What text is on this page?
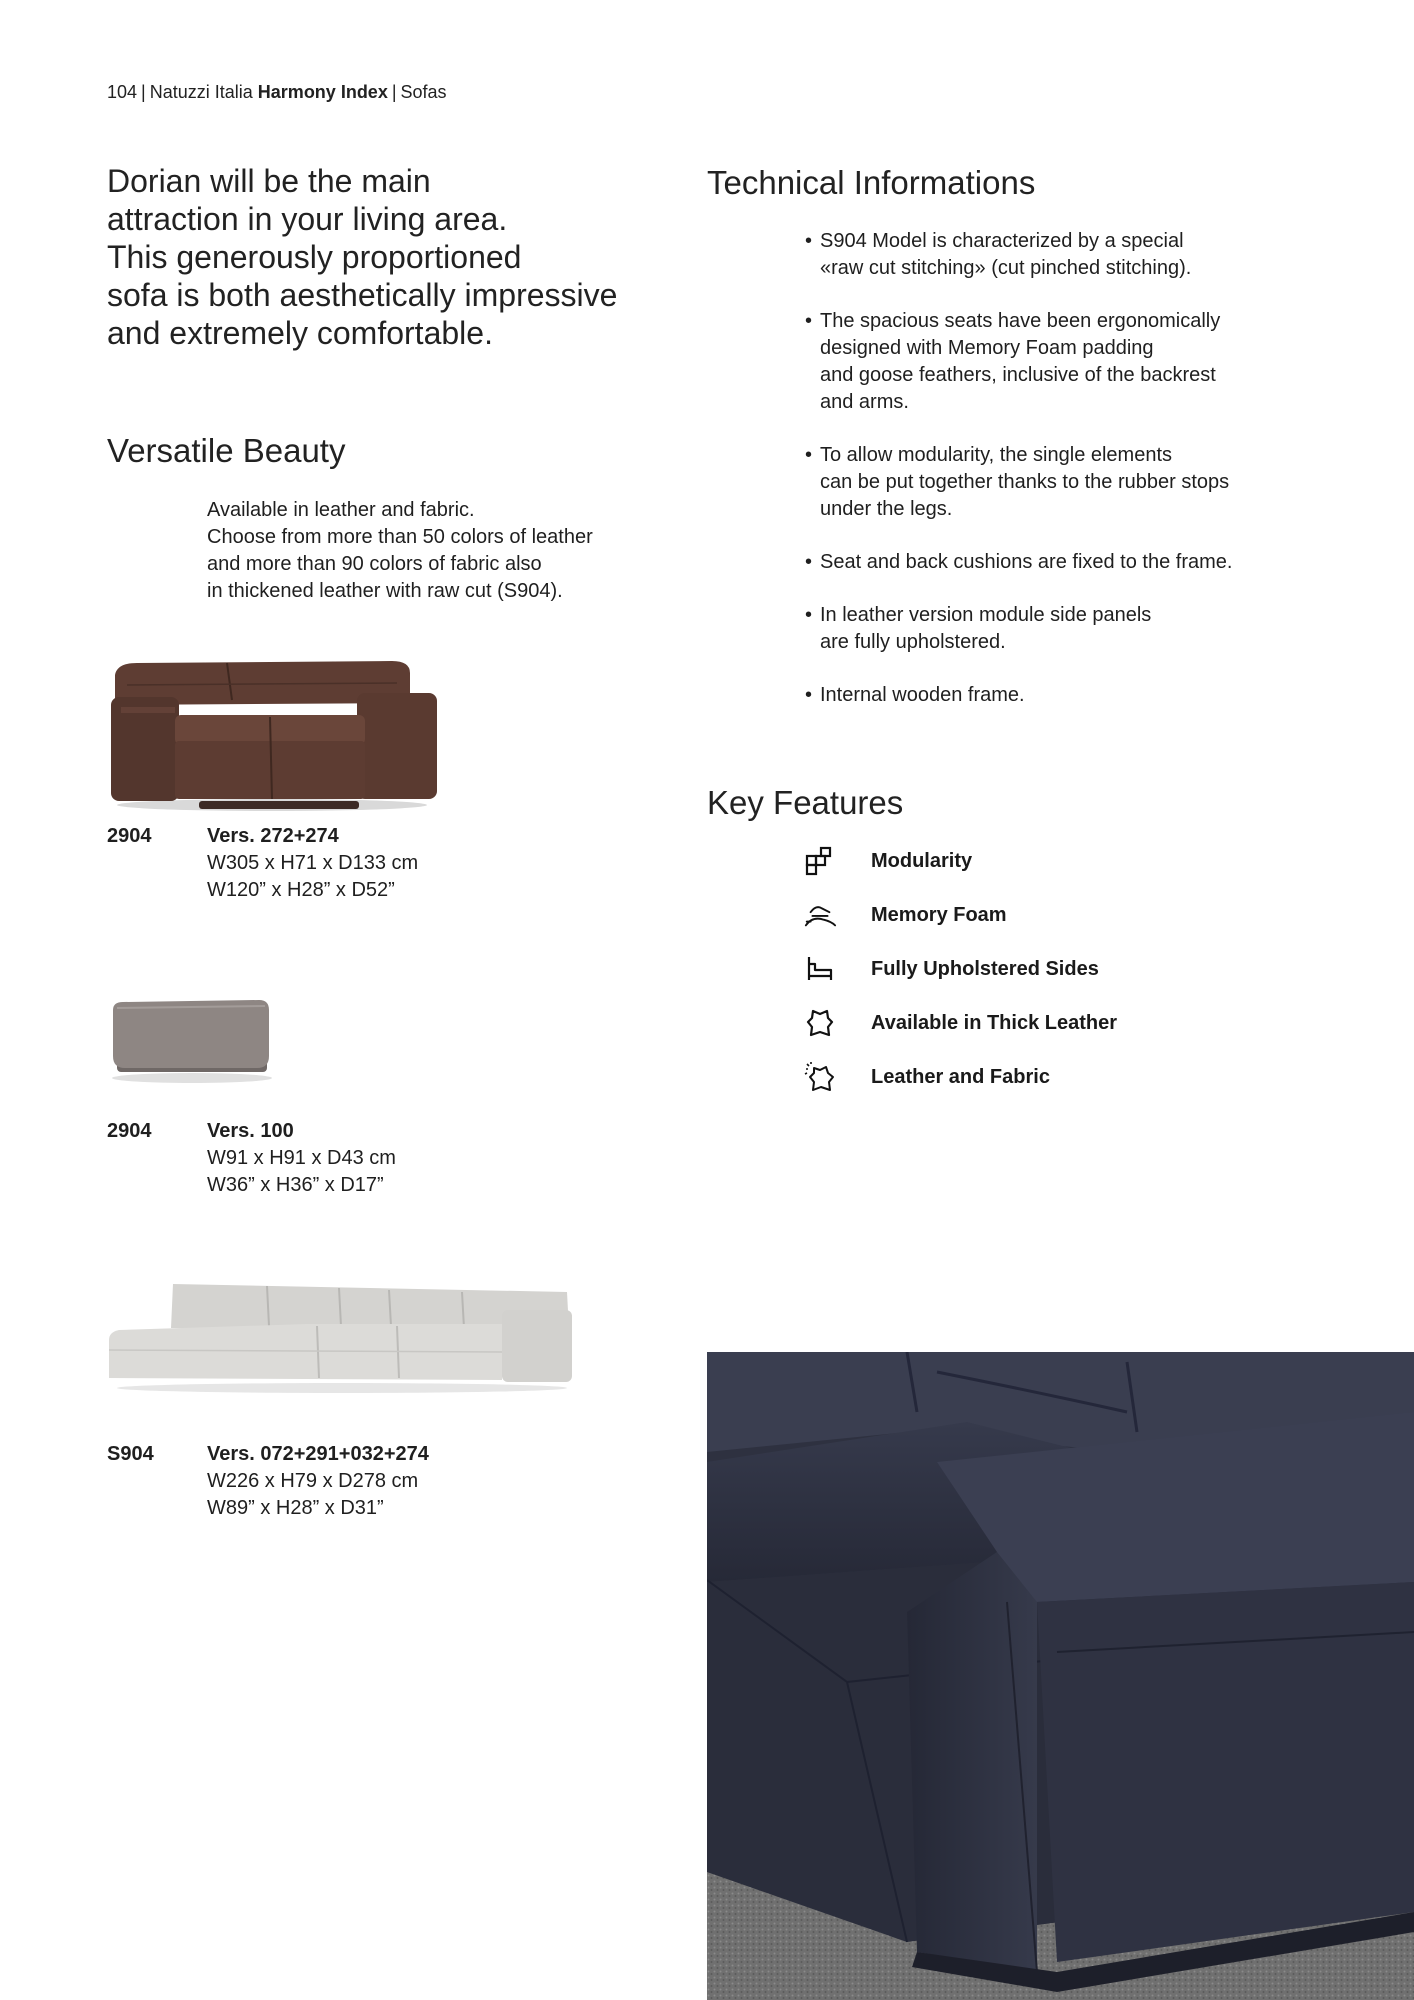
104 | Natuzzi Italia Harmony Index | Sofas
Dorian will be the main
attraction in your living area.
This generously proportioned
sofa is both aesthetically impressive
and extremely comfortable.
Versatile Beauty
Available in leather and fabric.
Choose from more than 50 colors of leather
and more than 90 colors of fabric also
in thickened leather with raw cut (S904).
2904	Vers. 272+274
W305 x H71 x D133 cm
W120” x H28” x D52”
2904	Vers. 100
W91 x H91 x D43 cm
W36” x H36” x D17”
S904	Vers. 072+291+032+274
W226 x H79 x D278 cm
W89” x H28” x D31”
Technical Informations
• S904 Model is characterized by a special
«raw cut stitching» (cut pinched stitching).
• The spacious seats have been ergonomically
designed with Memory Foam padding
and goose feathers, inclusive of the backrest
and arms.
• To allow modularity, the single elements
can be put together thanks to the rubber stops
under the legs.
• Seat and back cushions are fixed to the frame.
• In leather version module side panels
are fully upholstered.
• Internal wooden frame.
Key Features
Modularity
Memory Foam
Fully Upholstered Sides
Available in Thick Leather
Leather and Fabric
